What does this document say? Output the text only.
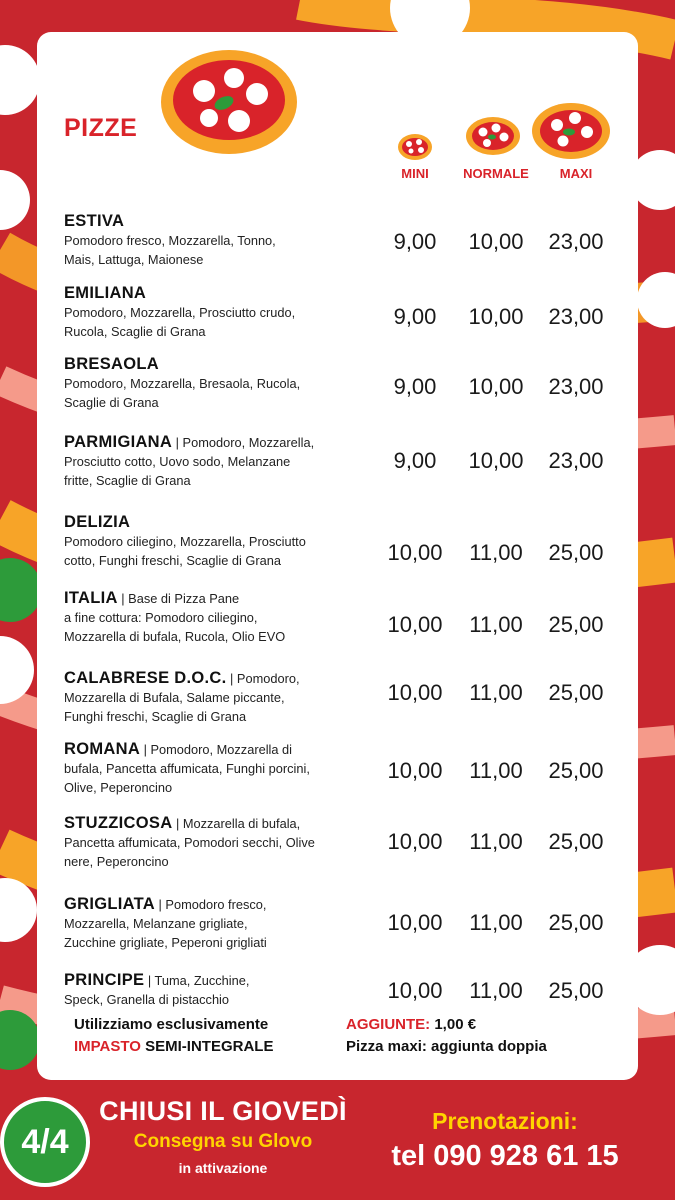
PIZZE
MINI	NORMALE	MAXI
ESTIVA
Pomodoro fresco, Mozzarella, Tonno,
Mais, Lattuga, Maionese
9,00	10,00	23,00
EMILIANA
Pomodoro, Mozzarella, Prosciutto crudo,
Rucola, Scaglie di Grana
9,00	10,00	23,00
BRESAOLA
Pomodoro, Mozzarella, Bresaola, Rucola,
Scaglie di Grana
9,00	10,00	23,00
PARMIGIANA | Pomodoro, Mozzarella,
Prosciutto cotto, Uovo sodo, Melanzane
fritte, Scaglie di Grana
9,00	10,00	23,00
DELIZIA
Pomodoro ciliegino, Mozzarella, Prosciutto
cotto, Funghi freschi, Scaglie di Grana	10,00	11,00	25,00
ITALIA | Base di Pizza Pane
a fine cottura: Pomodoro ciliegino,
Mozzarella di bufala, Rucola, Olio EVO	10,00	11,00	25,00
CALABRESE D.O.C. | Pomodoro,
Mozzarella di Bufala, Salame piccante,
Funghi freschi, Scaglie di Grana
10,00	11,00	25,00
ROMANA | Pomodoro, Mozzarella di
bufala, Pancetta affumicata, Funghi porcini,
Olive, Peperoncino
10,00	11,00	25,00
STUZZICOSA | Mozzarella di bufala,
Pancetta affumicata, Pomodori secchi, Olive
nere, Peperoncino
10,00	11,00	25,00
GRIGLIATA | Pomodoro fresco,
Mozzarella, Melanzane grigliate,
Zucchine grigliate, Peperoni grigliati
10,00	11,00	25,00
PRINCIPE | Tuma, Zucchine,
Speck, Granella di pistacchio	10,00	11,00	25,00
Utilizziamo esclusivamente
IMPASTO SEMI-INTEGRALE
AGGIUNTE: 1,00 €
Pizza maxi: aggiunta doppia
4/4
CHIUSI IL GIOVEDÌ
Consegna su Glovo
in attivazione
Prenotazioni:
tel 090 928 61 15
